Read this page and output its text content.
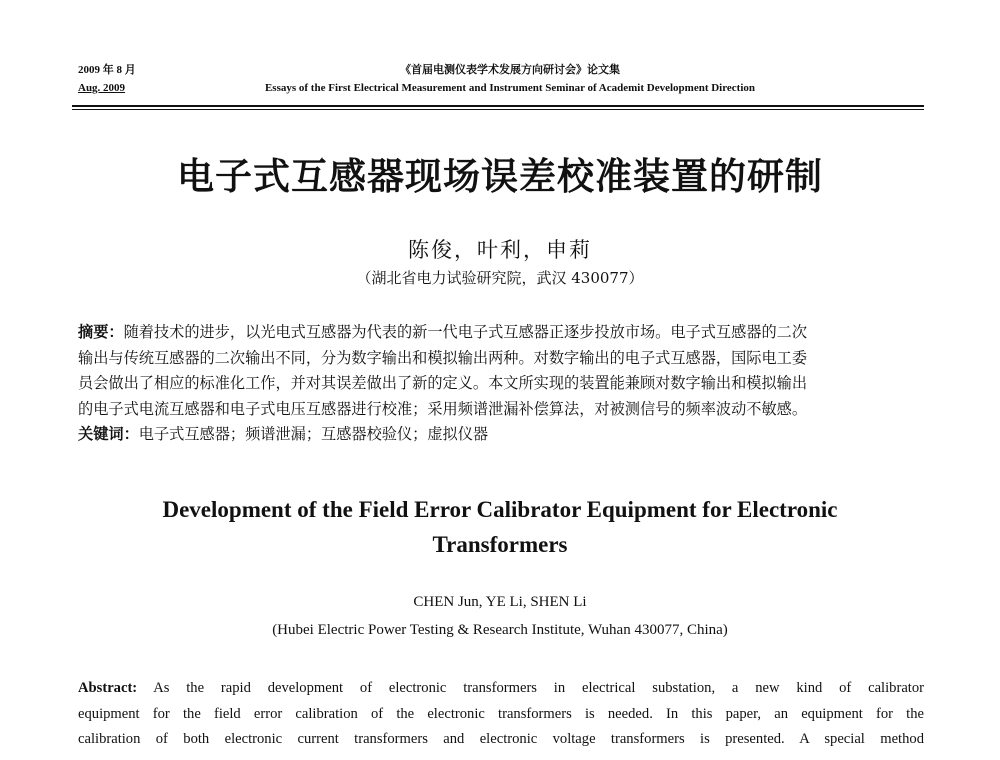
2009 年 8 月
Aug. 2009
《首届电测仪表学术发展方向研讨会》论文集
Essays of the First Electrical Measurement and Instrument Seminar of Academit Development Direction
电子式互感器现场误差校准装置的研制
陈俊，叶利，申莉
（湖北省电力试验研究院，武汉 430077）
摘要：随着技术的进步，以光电式互感器为代表的新一代电子式互感器正逐步投放市场。电子式互感器的二次
输出与传统互感器的二次输出不同，分为数字输出和模拟输出两种。对数字输出的电子式互感器，国际电工委
员会做出了相应的标准化工作，并对其误差做出了新的定义。本文所实现的装置能兼顾对数字输出和模拟输出
的电子式电流互感器和电子式电压互感器进行校准；采用频谱泄漏补偿算法，对被测信号的频率波动不敏感。
关键词：电子式互感器；频谱泄漏；互感器校验仪；虚拟仪器
Development of the Field Error Calibrator Equipment for Electronic
Transformers
CHEN Jun, YE Li, SHEN Li
(Hubei Electric Power Testing & Research Institute, Wuhan 430077, China)
Abstract: As the rapid development of electronic transformers in electrical substation, a new kind of calibrator
equipment for the field error calibration of the electronic transformers is needed. In this paper, an equipment for the
calibration of both electronic current transformers and electronic voltage transformers is presented. A special method
